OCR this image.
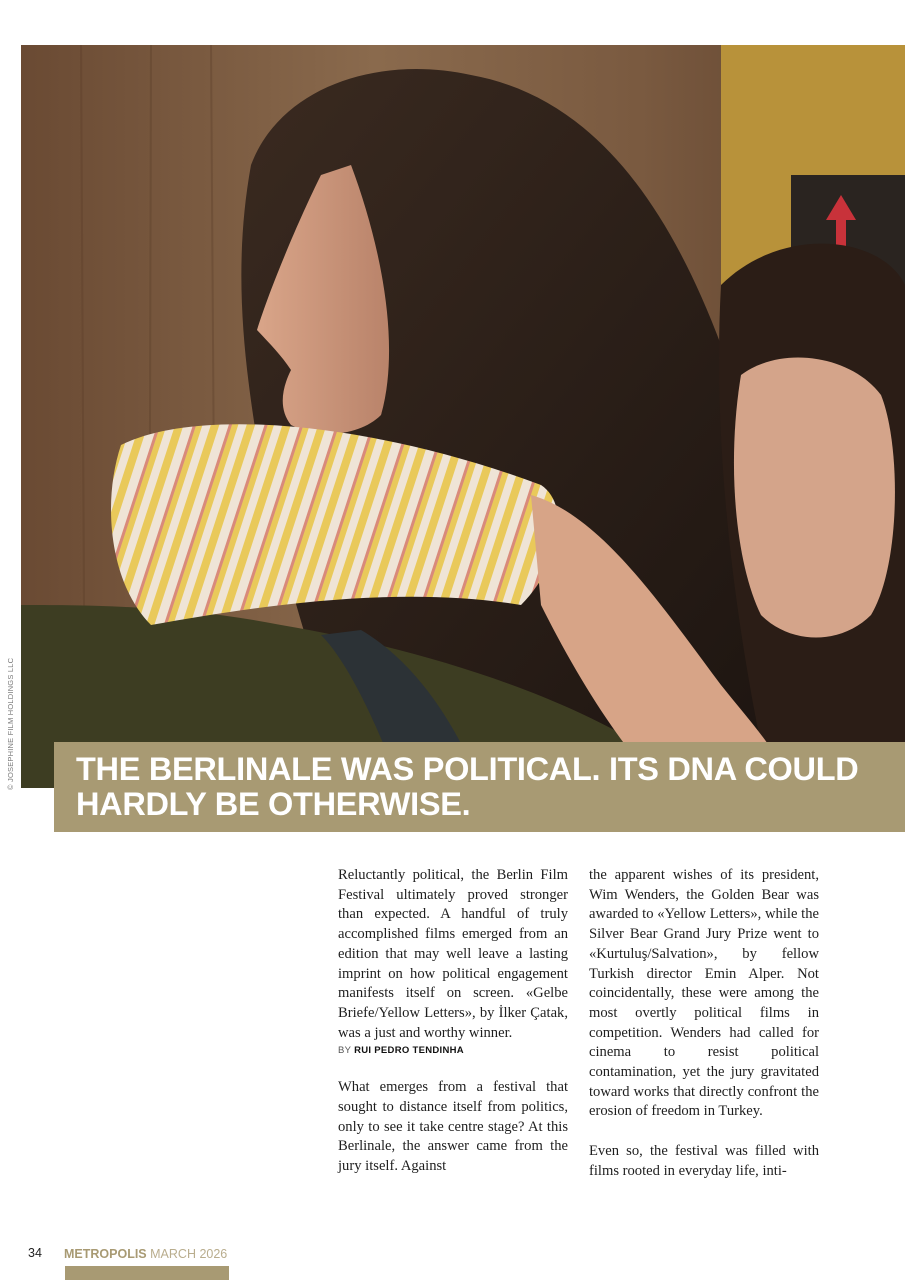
© JOSEPHINE FILM HOLDINGS LLC THE BERLINALE WAS POLITICAL. ITS DNA COULD
HARDLY BE OTHERWISE.

Reluctantly political, the Berlin Film Festival ultimately proved stronger than expected. A handful of truly accomplished films emerged from an edition that may well leave a lasting imprint on how political engagement manifests itself on screen. «Gelbe Briefe/Yellow Letters», by İlker Çatak, was a just and worthy winner.

BY RUI PEDRO TENDINHA

What emerges from a festival that sought to distance itself from politics, only to see it take centre stage? At this Berlinale, the answer came from the jury itself. Against

the apparent wishes of its president, Wim Wenders, the Golden Bear was awarded to «Yellow Letters», while the Silver Bear Grand Jury Prize went to «Kurtuluş/Salvation», by fellow Turkish director Emin Alper. Not coincidentally, these were among the most overtly political films in competition. Wenders had called for cinema to resist political contamination, yet the jury gravitated toward works that directly confront the erosion of freedom in Turkey.

Even so, the festival was filled with films rooted in everyday life, inti-

34 METROPOLIS MARCH 2026
